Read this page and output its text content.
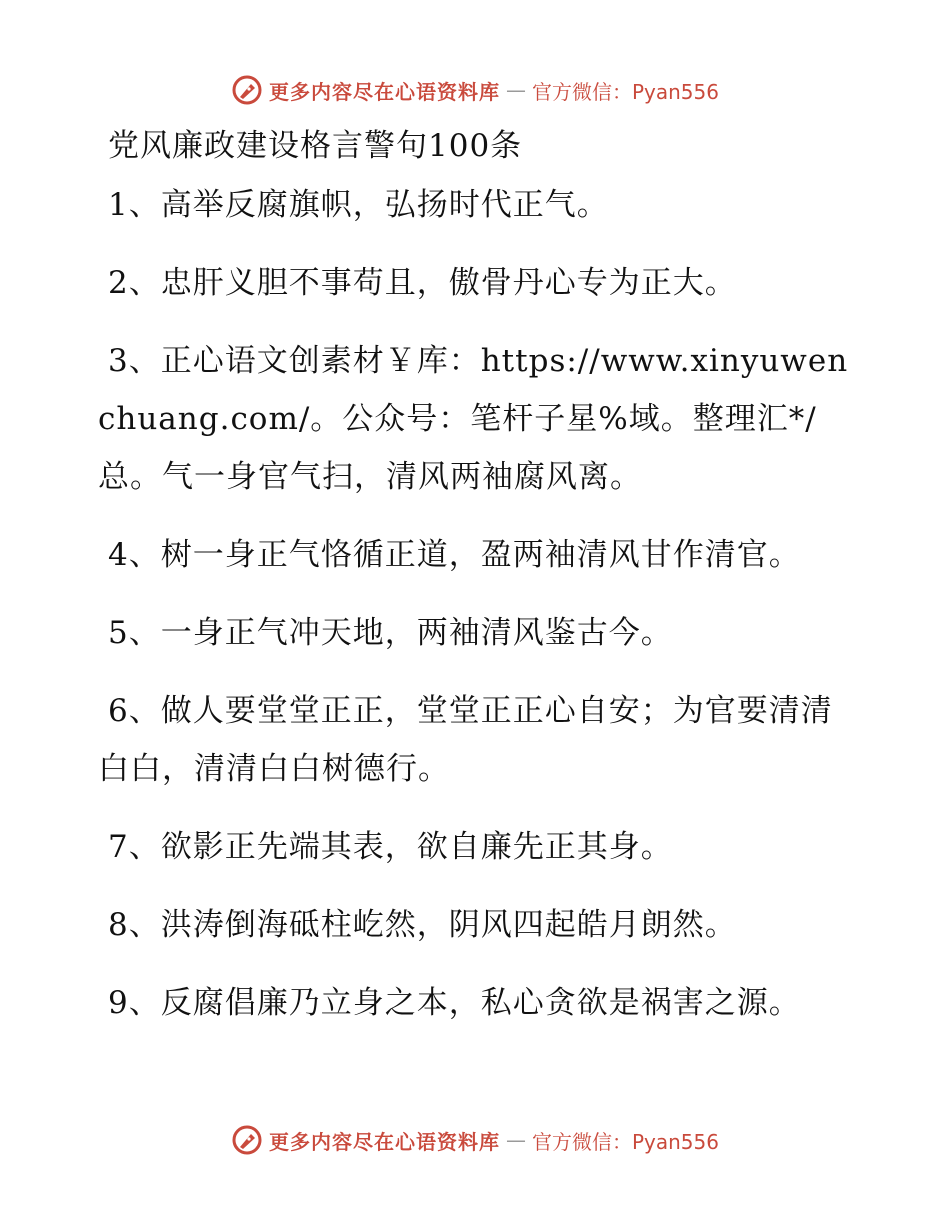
更多内容尽在心语资料库 — 官方微信：Pyan556
党风廉政建设格言警句100条

1、高举反腐旗帜，弘扬时代正气。

2、忠肝义胆不事苟且，傲骨丹心专为正大。

3、正心语文创素材￥库：https://www.xinyuwenchuang.com/。公众号：笔杆子星%域。整理汇*/总。气一身官气扫，清风两袖腐风离。

4、树一身正气恪循正道，盈两袖清风甘作清官。

5、一身正气冲天地，两袖清风鉴古今。

6、做人要堂堂正正，堂堂正正心自安；为官要清清白白，清清白白树德行。

7、欲影正先端其表，欲自廉先正其身。

8、洪涛倒海砥柱屹然，阴风四起皓月朗然。

9、反腐倡廉乃立身之本，私心贪欲是祸害之源。

更多内容尽在心语资料库 — 官方微信：Pyan556
